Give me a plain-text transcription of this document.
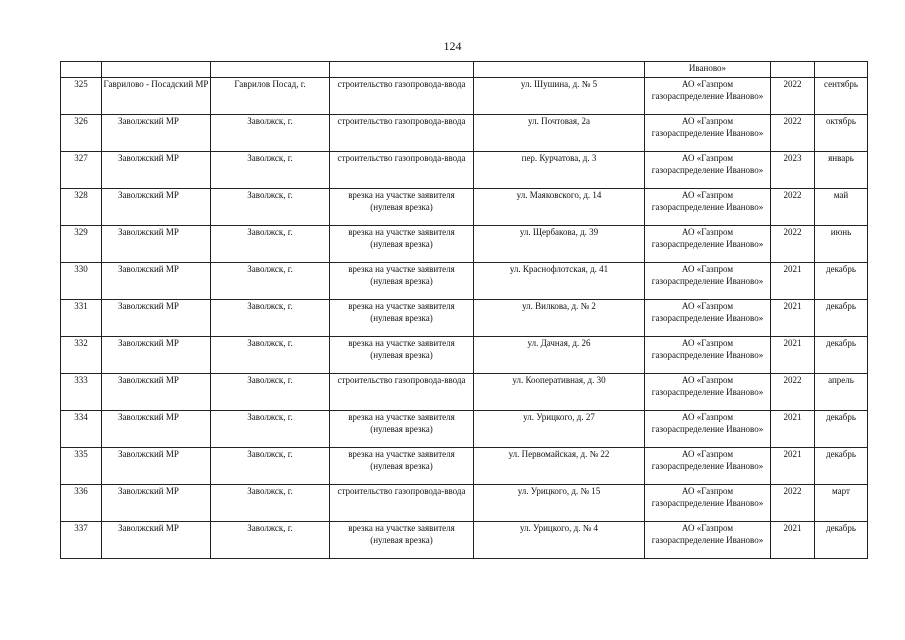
124
					Иваново»		
325	Гаврилово - Посадский МР	Гаврилов Посад, г.	строительство газопровода-ввода	ул. Шушина, д. № 5	АО «Газпром газораспределение Иваново»	2022	сентябрь
326	Заволжский МР	Заволжск, г.	строительство газопровода-ввода	ул. Почтовая, 2а	АО «Газпром газораспределение Иваново»	2022	октябрь
327	Заволжский МР	Заволжск, г.	строительство газопровода-ввода	пер. Курчатова, д. 3	АО «Газпром газораспределение Иваново»	2023	январь
328	Заволжский МР	Заволжск, г.	врезка на участке заявителя (нулевая врезка)	ул. Маяковского, д. 14	АО «Газпром газораспределение Иваново»	2022	май
329	Заволжский МР	Заволжск, г.	врезка на участке заявителя (нулевая врезка)	ул. Щербакова, д. 39	АО «Газпром газораспределение Иваново»	2022	июнь
330	Заволжский МР	Заволжск, г.	врезка на участке заявителя (нулевая врезка)	ул. Краснофлотская, д. 41	АО «Газпром газораспределение Иваново»	2021	декабрь
331	Заволжский МР	Заволжск, г.	врезка на участке заявителя (нулевая врезка)	ул. Вилкова, д. № 2	АО «Газпром газораспределение Иваново»	2021	декабрь
332	Заволжский МР	Заволжск, г.	врезка на участке заявителя (нулевая врезка)	ул. Дачная, д. 26	АО «Газпром газораспределение Иваново»	2021	декабрь
333	Заволжский МР	Заволжск, г.	строительство газопровода-ввода	ул. Кооперативная, д. 30	АО «Газпром газораспределение Иваново»	2022	апрель
334	Заволжский МР	Заволжск, г.	врезка на участке заявителя (нулевая врезка)	ул. Урицкого, д. 27	АО «Газпром газораспределение Иваново»	2021	декабрь
335	Заволжский МР	Заволжск, г.	врезка на участке заявителя (нулевая врезка)	ул. Первомайская, д. № 22	АО «Газпром газораспределение Иваново»	2021	декабрь
336	Заволжский МР	Заволжск, г.	строительство газопровода-ввода	ул. Урицкого, д. № 15	АО «Газпром газораспределение Иваново»	2022	март
337	Заволжский МР	Заволжск, г.	врезка на участке заявителя (нулевая врезка)	ул. Урицкого, д. № 4	АО «Газпром газораспределение Иваново»	2021	декабрь
